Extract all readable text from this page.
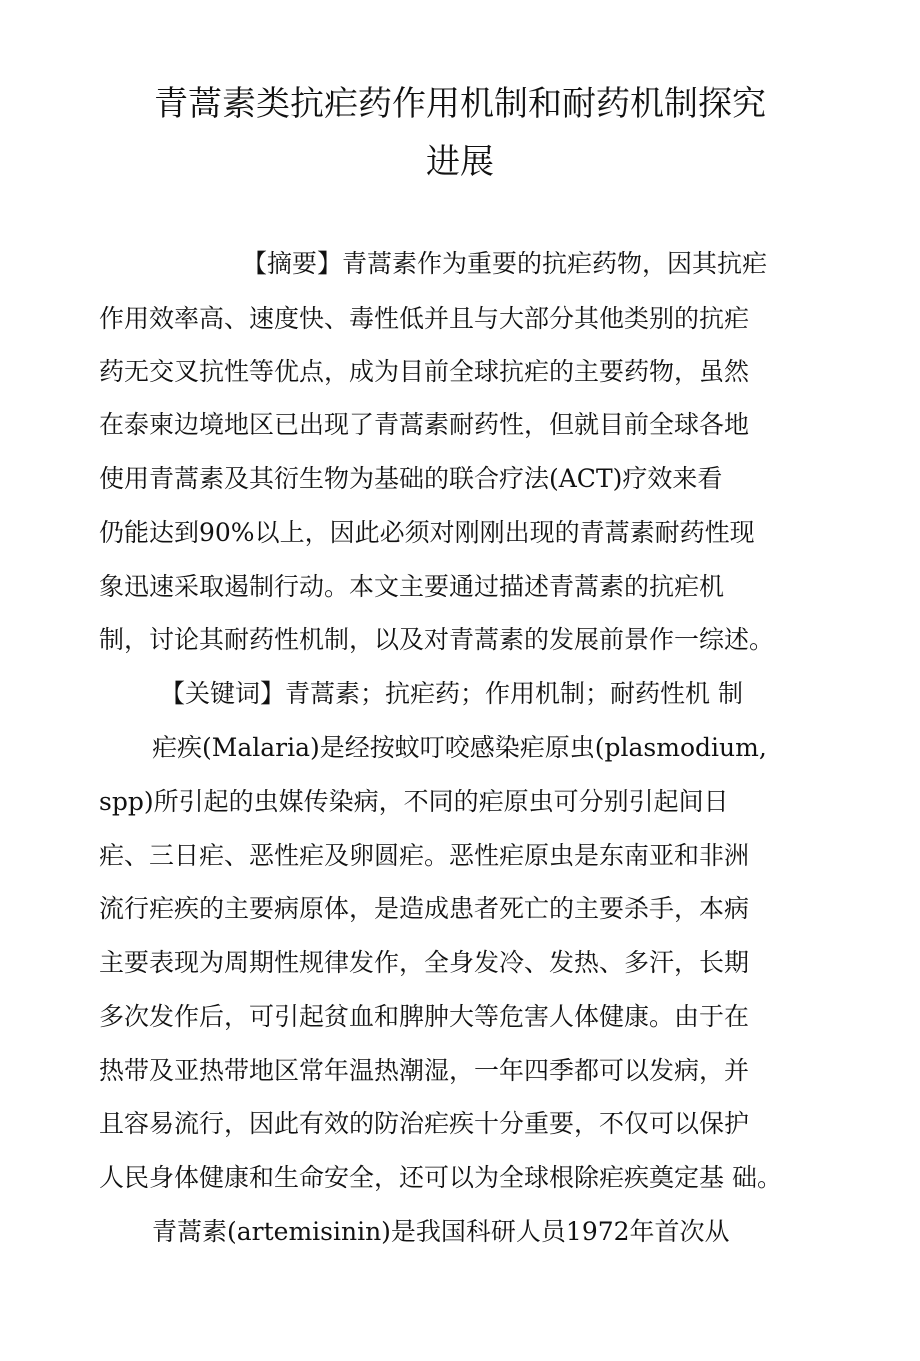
青蒿素类抗疟药作用机制和耐药机制探究
进展
【摘要】青蒿素作为重要的抗疟药物，因其抗疟
作用效率高、速度快、毒性低并且与大部分其他类别的抗疟
药无交叉抗性等优点，成为目前全球抗疟的主要药物，虽然
在泰柬边境地区已出现了青蒿素耐药性，但就目前全球各地
使用青蒿素及其衍生物为基础的联合疗法(ACT)疗效来看
仍能达到90%以上，因此必须对刚刚出现的青蒿素耐药性现
象迅速采取遏制行动。本文主要通过描述青蒿素的抗疟机
制，讨论其耐药性机制，以及对青蒿素的发展前景作一综述。
【关键词】青蒿素；抗疟药；作用机制；耐药性机 制
疟疾(Malaria)是经按蚊叮咬感染疟原虫(plasmodium,
spp)所引起的虫媒传染病，不同的疟原虫可分别引起间日
疟、三日疟、恶性疟及卵圆疟。恶性疟原虫是东南亚和非洲
流行疟疾的主要病原体，是造成患者死亡的主要杀手，本病
主要表现为周期性规律发作，全身发冷、发热、多汗，长期
多次发作后，可引起贫血和脾肿大等危害人体健康。由于在
热带及亚热带地区常年温热潮湿，一年四季都可以发病，并
且容易流行，因此有效的防治疟疾十分重要，不仅可以保护
人民身体健康和生命安全，还可以为全球根除疟疾奠定基 础。
青蒿素(artemisinin)是我国科研人员1972年首次从
